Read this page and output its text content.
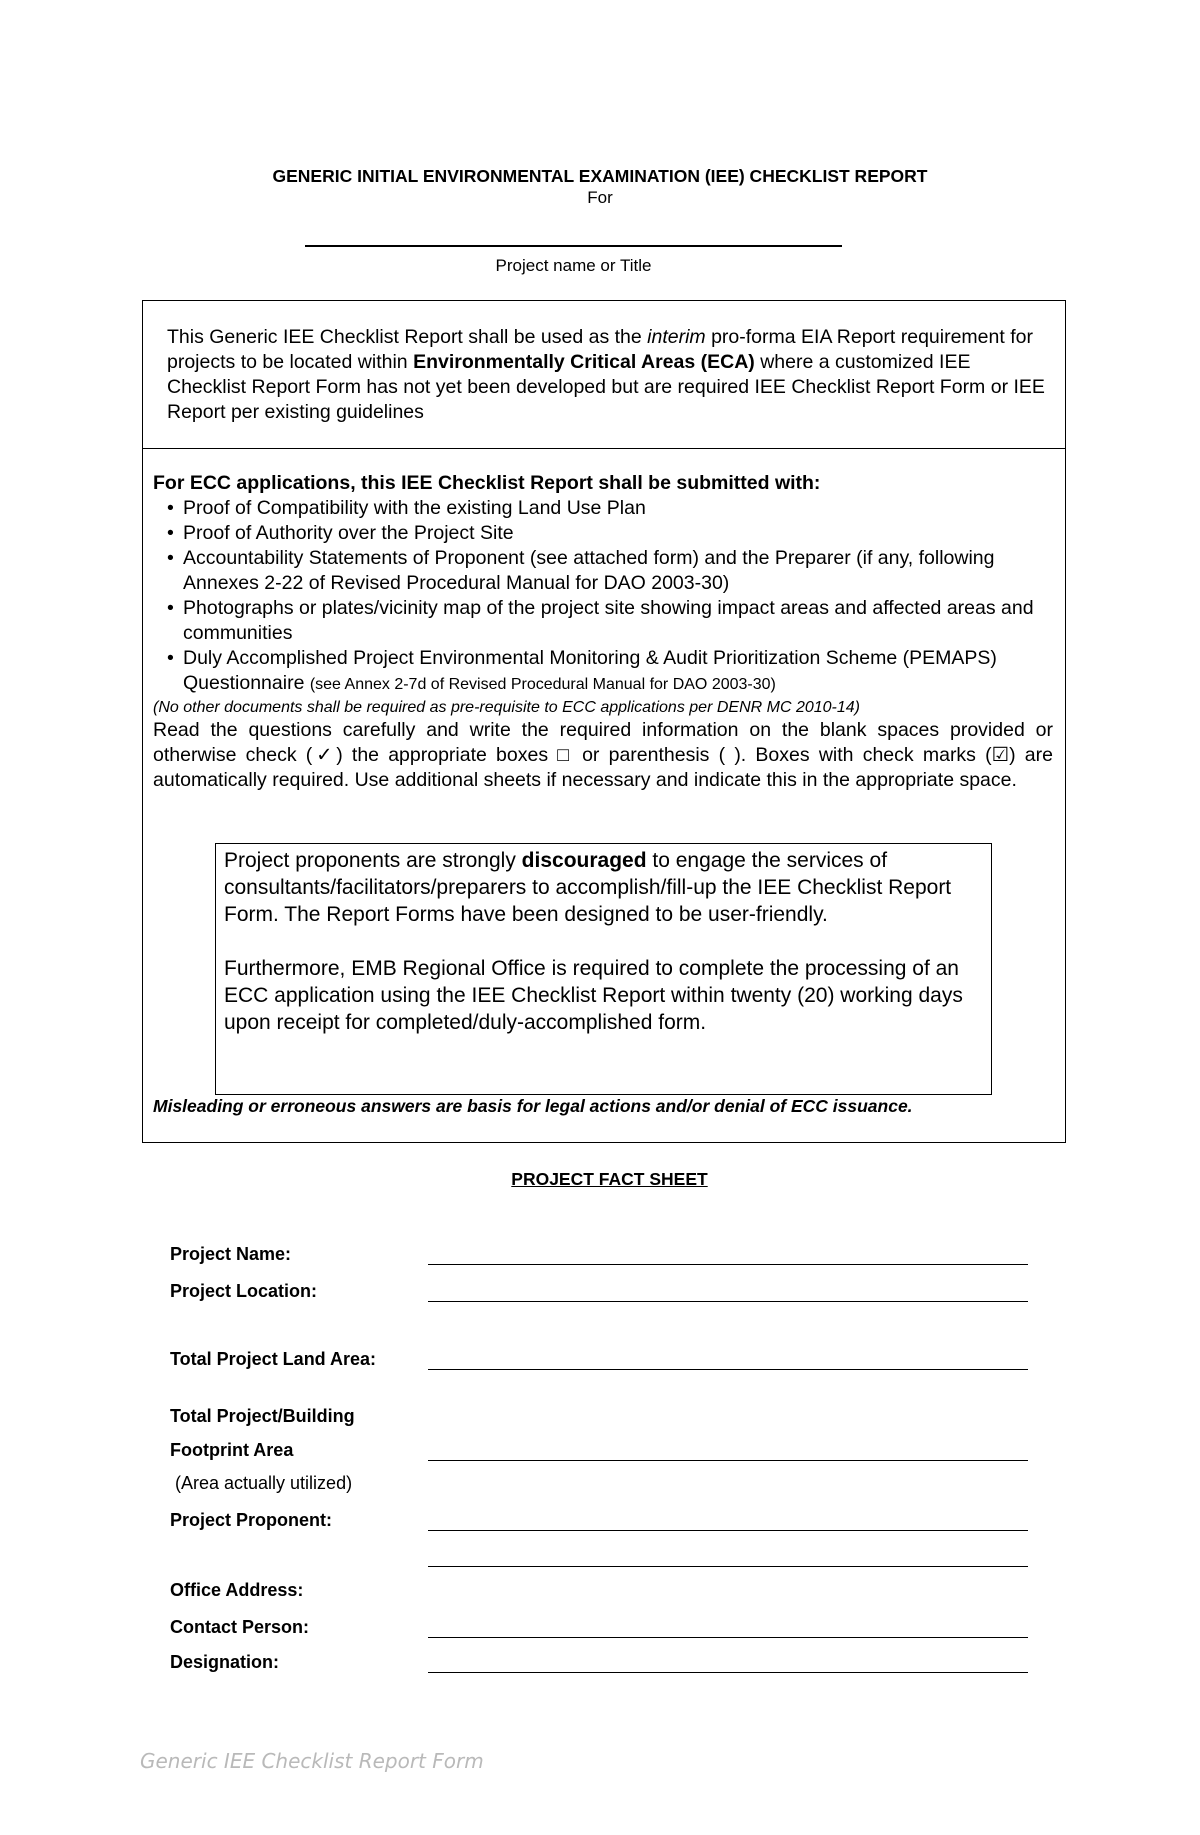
GENERIC INITIAL ENVIRONMENTAL EXAMINATION (IEE) CHECKLIST REPORT
For
Project name or Title
This Generic IEE Checklist Report shall be used as the interim pro-forma EIA Report requirement for projects to be located within Environmentally Critical Areas (ECA) where a customized IEE Checklist Report Form has not yet been developed but are required IEE Checklist Report Form or IEE Report per existing guidelines
For ECC applications, this IEE Checklist Report shall be submitted with:
• Proof of Compatibility with the existing Land Use Plan
• Proof of Authority over the Project Site
• Accountability Statements of Proponent (see attached form) and the Preparer (if any, following Annexes 2-22 of Revised Procedural Manual for DAO 2003-30)
• Photographs or plates/vicinity map of the project site showing impact areas and affected areas and communities
• Duly Accomplished Project Environmental Monitoring & Audit Prioritization Scheme (PEMAPS) Questionnaire (see Annex 2-7d of Revised Procedural Manual for DAO 2003-30)
(No other documents shall be required as pre-requisite to ECC applications per DENR MC 2010-14)
Read the questions carefully and write the required information on the blank spaces provided or otherwise check (✓) the appropriate boxes □ or parenthesis ( ). Boxes with check marks (☑) are automatically required. Use additional sheets if necessary and indicate this in the appropriate space.

Project proponents are strongly discouraged to engage the services of consultants/facilitators/preparers to accomplish/fill-up the IEE Checklist Report Form. The Report Forms have been designed to be user-friendly.

Furthermore, EMB Regional Office is required to complete the processing of an ECC application using the IEE Checklist Report within twenty (20) working days upon receipt for completed/duly-accomplished form.

Misleading or erroneous answers are basis for legal actions and/or denial of ECC issuance.
PROJECT FACT SHEET
Project Name:
Project Location:
Total Project Land Area:
Total Project/Building
Footprint Area
(Area actually utilized)
Project Proponent:
Office Address:
Contact Person:
Designation:
Generic IEE Checklist Report Form
